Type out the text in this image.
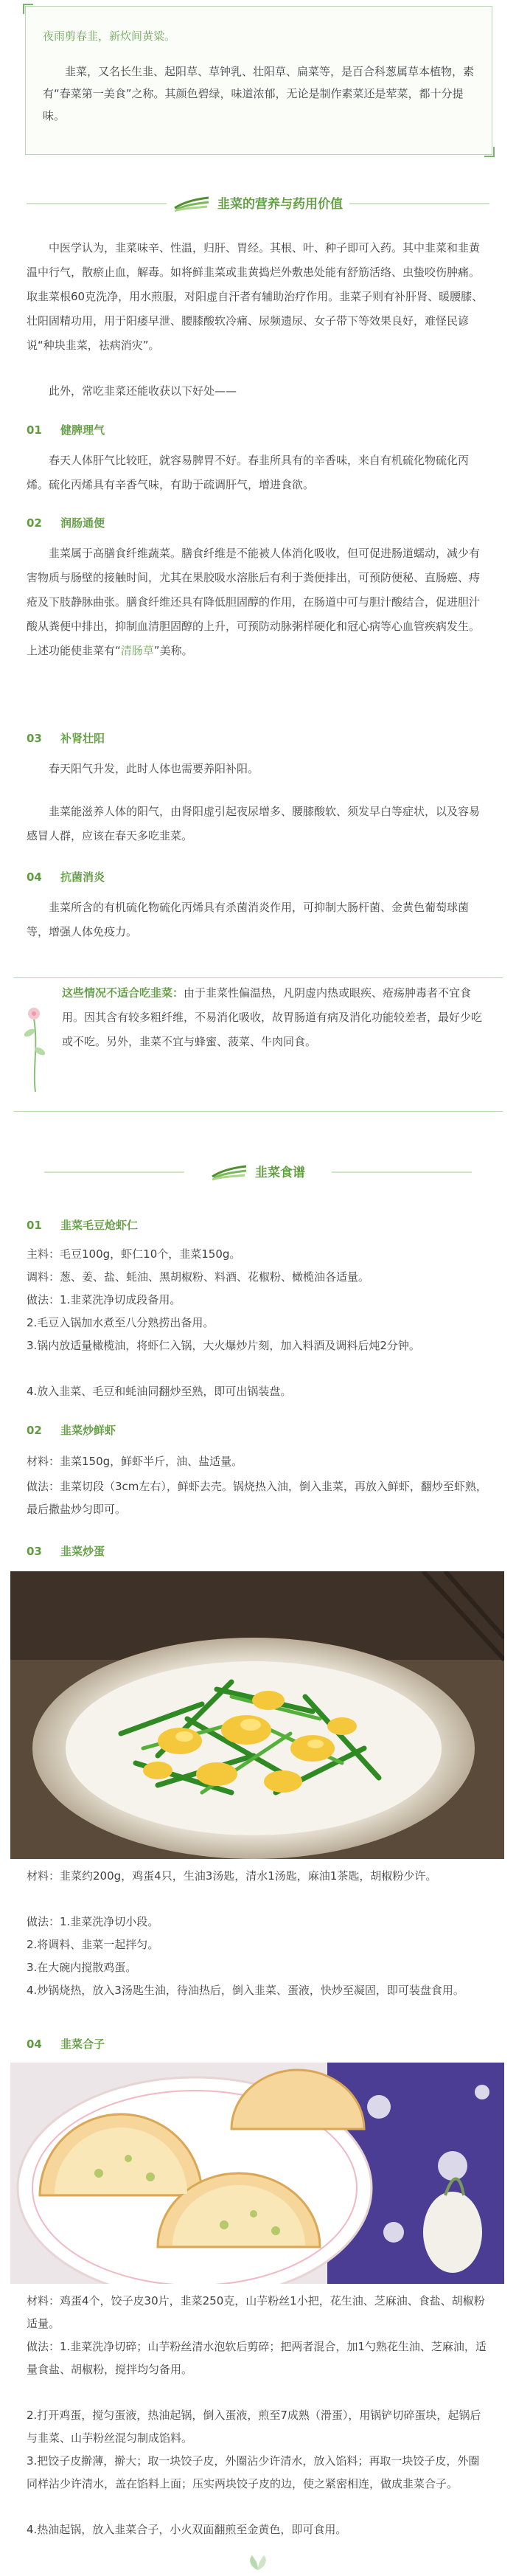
夜雨剪春韭，新炊间黄粱。
韭菜，又名长生韭、起阳草、草钟乳、壮阳草、扁菜等，是百合科葱属草本植物，素有“春菜第一美食”之称。其颜色碧绿，味道浓郁，无论是制作素菜还是荤菜，都十分提味。
韭菜的营养与药用价值

中医学认为，韭菜味辛、性温，归肝、胃经。其根、叶、种子即可入药。其中韭菜和韭黄温中行气，散瘀止血，解毒。如将鲜韭菜或韭黄捣烂外敷患处能有舒筋活络、虫蛰咬伤肿痛。取韭菜根60克洗净，用水煎服，对阳虚自汗者有辅助治疗作用。韭菜子则有补肝肾、暖腰膝、壮阳固精功用，用于阳痿早泄、腰膝酸软冷痛、尿频遗尿、女子带下等效果良好，难怪民谚说“种块韭菜，祛病消灾”。

此外，常吃韭菜还能收获以下好处——

01 健脾理气

春天人体肝气比较旺，就容易脾胃不好。春韭所具有的辛香味，来自有机硫化物硫化丙烯。硫化丙烯具有辛香气味，有助于疏调肝气，增进食欲。

02 润肠通便

韭菜属于高膳食纤维蔬菜。膳食纤维是不能被人体消化吸收，但可促进肠道蠕动，减少有害物质与肠壁的接触时间，尤其在果胶吸水溶胀后有利于粪便排出，可预防便秘、直肠癌、痔疮及下肢静脉曲张。膳食纤维还具有降低胆固醇的作用，在肠道中可与胆汁酸结合，促进胆汁酸从粪便中排出，抑制血清胆固醇的上升，可预防动脉粥样硬化和冠心病等心血管疾病发生。上述功能使韭菜有“清肠草”美称。

03 补肾壮阳

春天阳气升发，此时人体也需要养阳补阳。

韭菜能滋养人体的阳气，由肾阳虚引起夜尿增多、腰膝酸软、须发早白等症状，以及容易感冒人群，应该在春天多吃韭菜。

04 抗菌消炎

韭菜所含的有机硫化物硫化丙烯具有杀菌消炎作用，可抑制大肠杆菌、金黄色葡萄球菌等，增强人体免疫力。

这些情况不适合吃韭菜：由于韭菜性偏温热，凡阴虚内热或眼疾、疮疡肿毒者不宜食用。因其含有较多粗纤维，不易消化吸收，故胃肠道有病及消化功能较差者，最好少吃或不吃。另外，韭菜不宜与蜂蜜、菠菜、牛肉同食。
韭菜食谱
01 韭菜毛豆炝虾仁

主料：毛豆100g，虾仁10个，韭菜150g。

调料：葱、姜、盐、蚝油、黑胡椒粉、料酒、花椒粉、橄榄油各适量。

做法：1.韭菜洗净切成段备用。

2.毛豆入锅加水煮至八分熟捞出备用。

3.锅内放适量橄榄油，将虾仁入锅，大火爆炒片刻，加入料酒及调料后炖2分钟。

4.放入韭菜、毛豆和蚝油同翻炒至熟，即可出锅装盘。

02 韭菜炒鲜虾

材料：韭菜150g，鲜虾半斤，油、盐适量。

做法：韭菜切段（3cm左右），鲜虾去壳。锅烧热入油，倒入韭菜，再放入鲜虾，翻炒至虾熟，最后撒盐炒匀即可。

03 韭菜炒蛋

材料：韭菜约200g，鸡蛋4只，生油3汤匙，清水1汤匙，麻油1茶匙，胡椒粉少许。

做法：1.韭菜洗净切小段。

2.将调料、韭菜一起拌匀。

3.在大碗内搅散鸡蛋。

4.炒锅烧热，放入3汤匙生油，待油热后，倒入韭菜、蛋液，快炒至凝固，即可装盘食用。

04 韭菜合子

材料：鸡蛋4个，饺子皮30片，韭菜250克，山芋粉丝1小把，花生油、芝麻油、食盐、胡椒粉适量。

做法：1.韭菜洗净切碎；山芋粉丝清水泡软后剪碎；把两者混合，加1勺熟花生油、芝麻油，适量食盐、胡椒粉，搅拌均匀备用。

2.打开鸡蛋，搅匀蛋液，热油起锅，倒入蛋液，煎至7成熟（滑蛋），用锅铲切碎蛋块，起锅后与韭菜、山芋粉丝混匀制成馅料。

3.把饺子皮擀薄，擀大；取一块饺子皮，外圈沾少许清水，放入馅料；再取一块饺子皮，外圈同样沾少许清水，盖在馅料上面；压实两块饺子皮的边，使之紧密相连，做成韭菜合子。

4.热油起锅，放入韭菜合子，小火双面翻煎至金黄色，即可食用。
